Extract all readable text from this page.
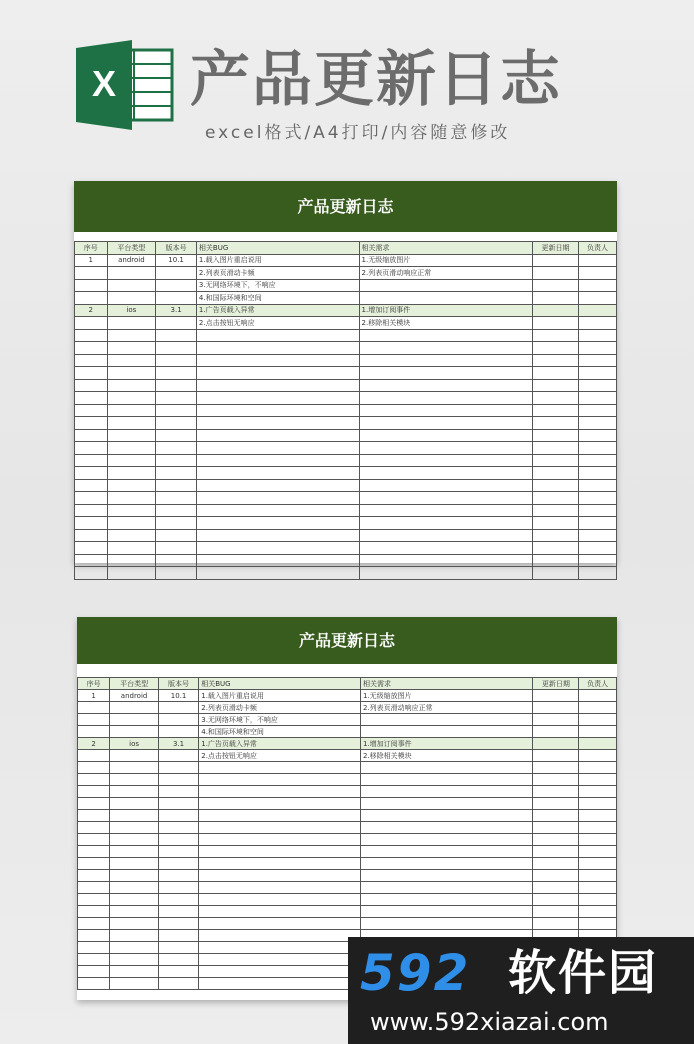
X 产品更新日志
excel格式/A4打印/内容随意修改
产品更新日志
序号	平台类型	版本号	相关BUG	相关需求	更新日期	负责人
1	android	10.1	1.载入图片重启说用	1.无级缩放图片		
			2.列表页滑动卡频	2.列表页滑动响应正常		
			3.无网络环境下，不响应			
			4.和国际环境和空间			
2	ios	3.1	1.广告页载入异常	1.增加订阅事件		
			2.点击按钮无响应	2.移除相关模块		

产品更新日志
序号	平台类型	版本号	相关BUG	相关需求	更新日期	负责人
1	android	10.1	1.载入图片重启说用	1.无级缩放图片		
			2.列表页滑动卡频	2.列表页滑动响应正常		
			3.无网络环境下，不响应			
			4.和国际环境和空间			
2	ios	3.1	1.广告页载入异常	1.增加订阅事件		
			2.点击按钮无响应	2.移除相关模块		

592 软件园
www.592xiazai.com
